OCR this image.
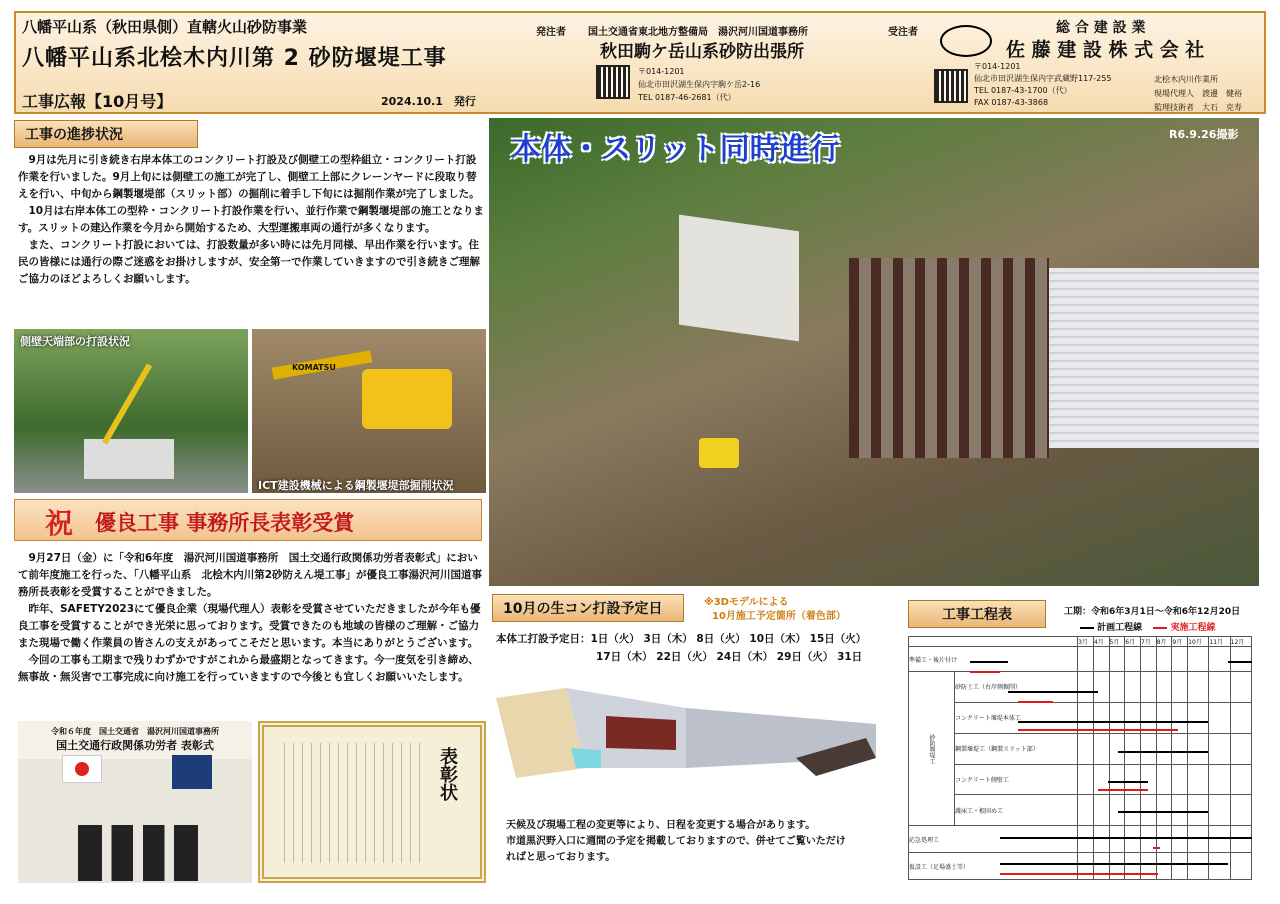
八幡平山系（秋田県側）直轄火山砂防事業
八幡平山系北桧木内川第 2 砂防堰堤工事
工事広報【10月号】	2024.10.1　発行
発注者 国土交通省東北地方整備局　湯沢河川国道事務所	受注者
秋田駒ケ岳山系砂防出張所
〒014-1201
仙北市田沢湖生保内字駒ケ岳2-16
TEL 0187-46-2681（代）
総 合 建 設 業
佐 藤 建 設 株 式 会 社
〒014-1201
仙北市田沢湖生保内字武蔵野117-255
TEL 0187-43-1700（代）
FAX 0187-43-3868
北桧木内川作業所
現場代理人　渡邊　健裕
監理技術者　大石　克寿
工事の進捗状況
　9月は先月に引き続き右岸本体工のコンクリート打設及び側壁工の型枠組立・コンクリート打設作業を行いました。9月上旬には側壁工の施工が完了し、側壁工上部にクレーンヤードに段取り替えを行い、中旬から鋼製堰堤部（スリット部）の掘削に着手し下旬には掘削作業が完了しました。
　10月は右岸本体工の型枠・コンクリート打設作業を行い、並行作業で鋼製堰堤部の施工となります。スリットの建込作業を今月から開始するため、大型運搬車両の通行が多くなります。
　また、コンクリート打設においては、打設数量が多い時には先月同様、早出作業を行います。住民の皆様には通行の際ご迷惑をお掛けしますが、安全第一で作業していきますので引き続きご理解ご協力のほどよろしくお願いします。
側壁天端部の打設状況
KOMATSU
ICT建設機械による鋼製堰堤部掘削状況
祝 優良工事 事務所長表彰受賞
　9月27日（金）に「令和6年度　湯沢河川国道事務所　国土交通行政関係功労者表彰式」において前年度施工を行った、「八幡平山系　北桧木内川第2砂防えん堤工事」が優良工事湯沢河川国道事務所長表彰を受賞することができました。
　昨年、SAFETY2023にて優良企業（現場代理人）表彰を受賞させていただきましたが今年も優良工事を受賞することができ光栄に思っております。受賞できたのも地域の皆様のご理解・ご協力また現場で働く作業員の皆さんの支えがあってこそだと思います。本当にありがとうございます。
　今回の工事も工期まで残りわずかですがこれから最盛期となってきます。今一度気を引き締め、無事故・無災害で工事完成に向け施工を行っていきますので今後とも宜しくお願いいたします。
令和６年度　国土交通省　湯沢河川国道事務所
国土交通行政関係功労者 表彰式
表彰状
本体・スリット同時進行	R6.9.26撮影
10月の生コン打設予定日	※3Dモデルによる
10月施工予定箇所（着色部）
本体工打設予定日：1日（火） 3日（木） 8日（火） 10日（木） 15日（火）
17日（木） 22日（火） 24日（木） 29日（火） 31日
天候及び現場工程の変更等により、日程を変更する場合があります。
市道黒沢野入口に週間の予定を掲載しておりますので、併せてご覧いただけ
ればと思っております。
工事工程表	工期：令和6年3月1日～令和6年12月20日
計画工程線	実施工程線
		3月	4月	5月	6月	7月	8月	9月	10月	11月	12月
準備工・後片付け											
砂防堰堤工	砂防土工（右岸側掘削）										
	コンクリート堰堤本体工										
	鋼製堰堤工（鋼製スリット部）										
	コンクリート側壁工										
	護床工・根固め工										
応急処理工											
仮設工（足場盛土等）											
